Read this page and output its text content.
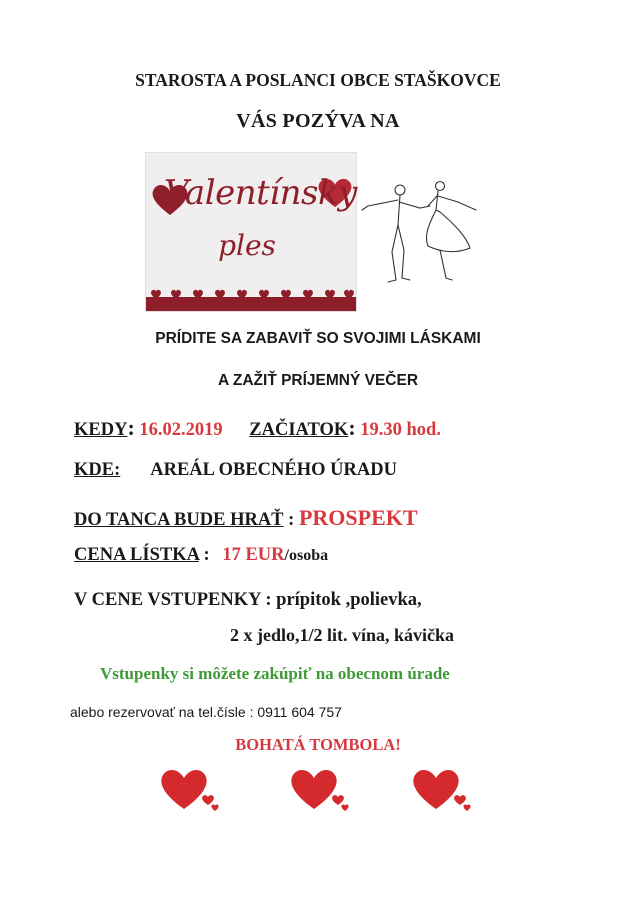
STAROSTA A POSLANCI OBCE STAŠKOVCE
VÁS POZÝVA NA
Valentínsky
ples
PRÍDITE SA ZABAVIŤ SO SVOJIMI LÁSKAMI
A ZAŽIŤ PRÍJEMNÝ VEČER
KEDY: 16.02.2019 ZAČIATOK: 19.30 hod.
KDE: AREÁL OBECNÉHO ÚRADU
DO TANCA BUDE HRAŤ : PROSPEKT
CENA LÍSTKA : 17 EUR/osoba
V CENE VSTUPENKY : prípitok ,polievka,
2 x jedlo,1/2 lit. vína, kávička
Vstupenky si môžete zakúpiť na obecnom úrade
alebo rezervovať na tel.čísle : 0911 604 757
BOHATÁ TOMBOLA!
